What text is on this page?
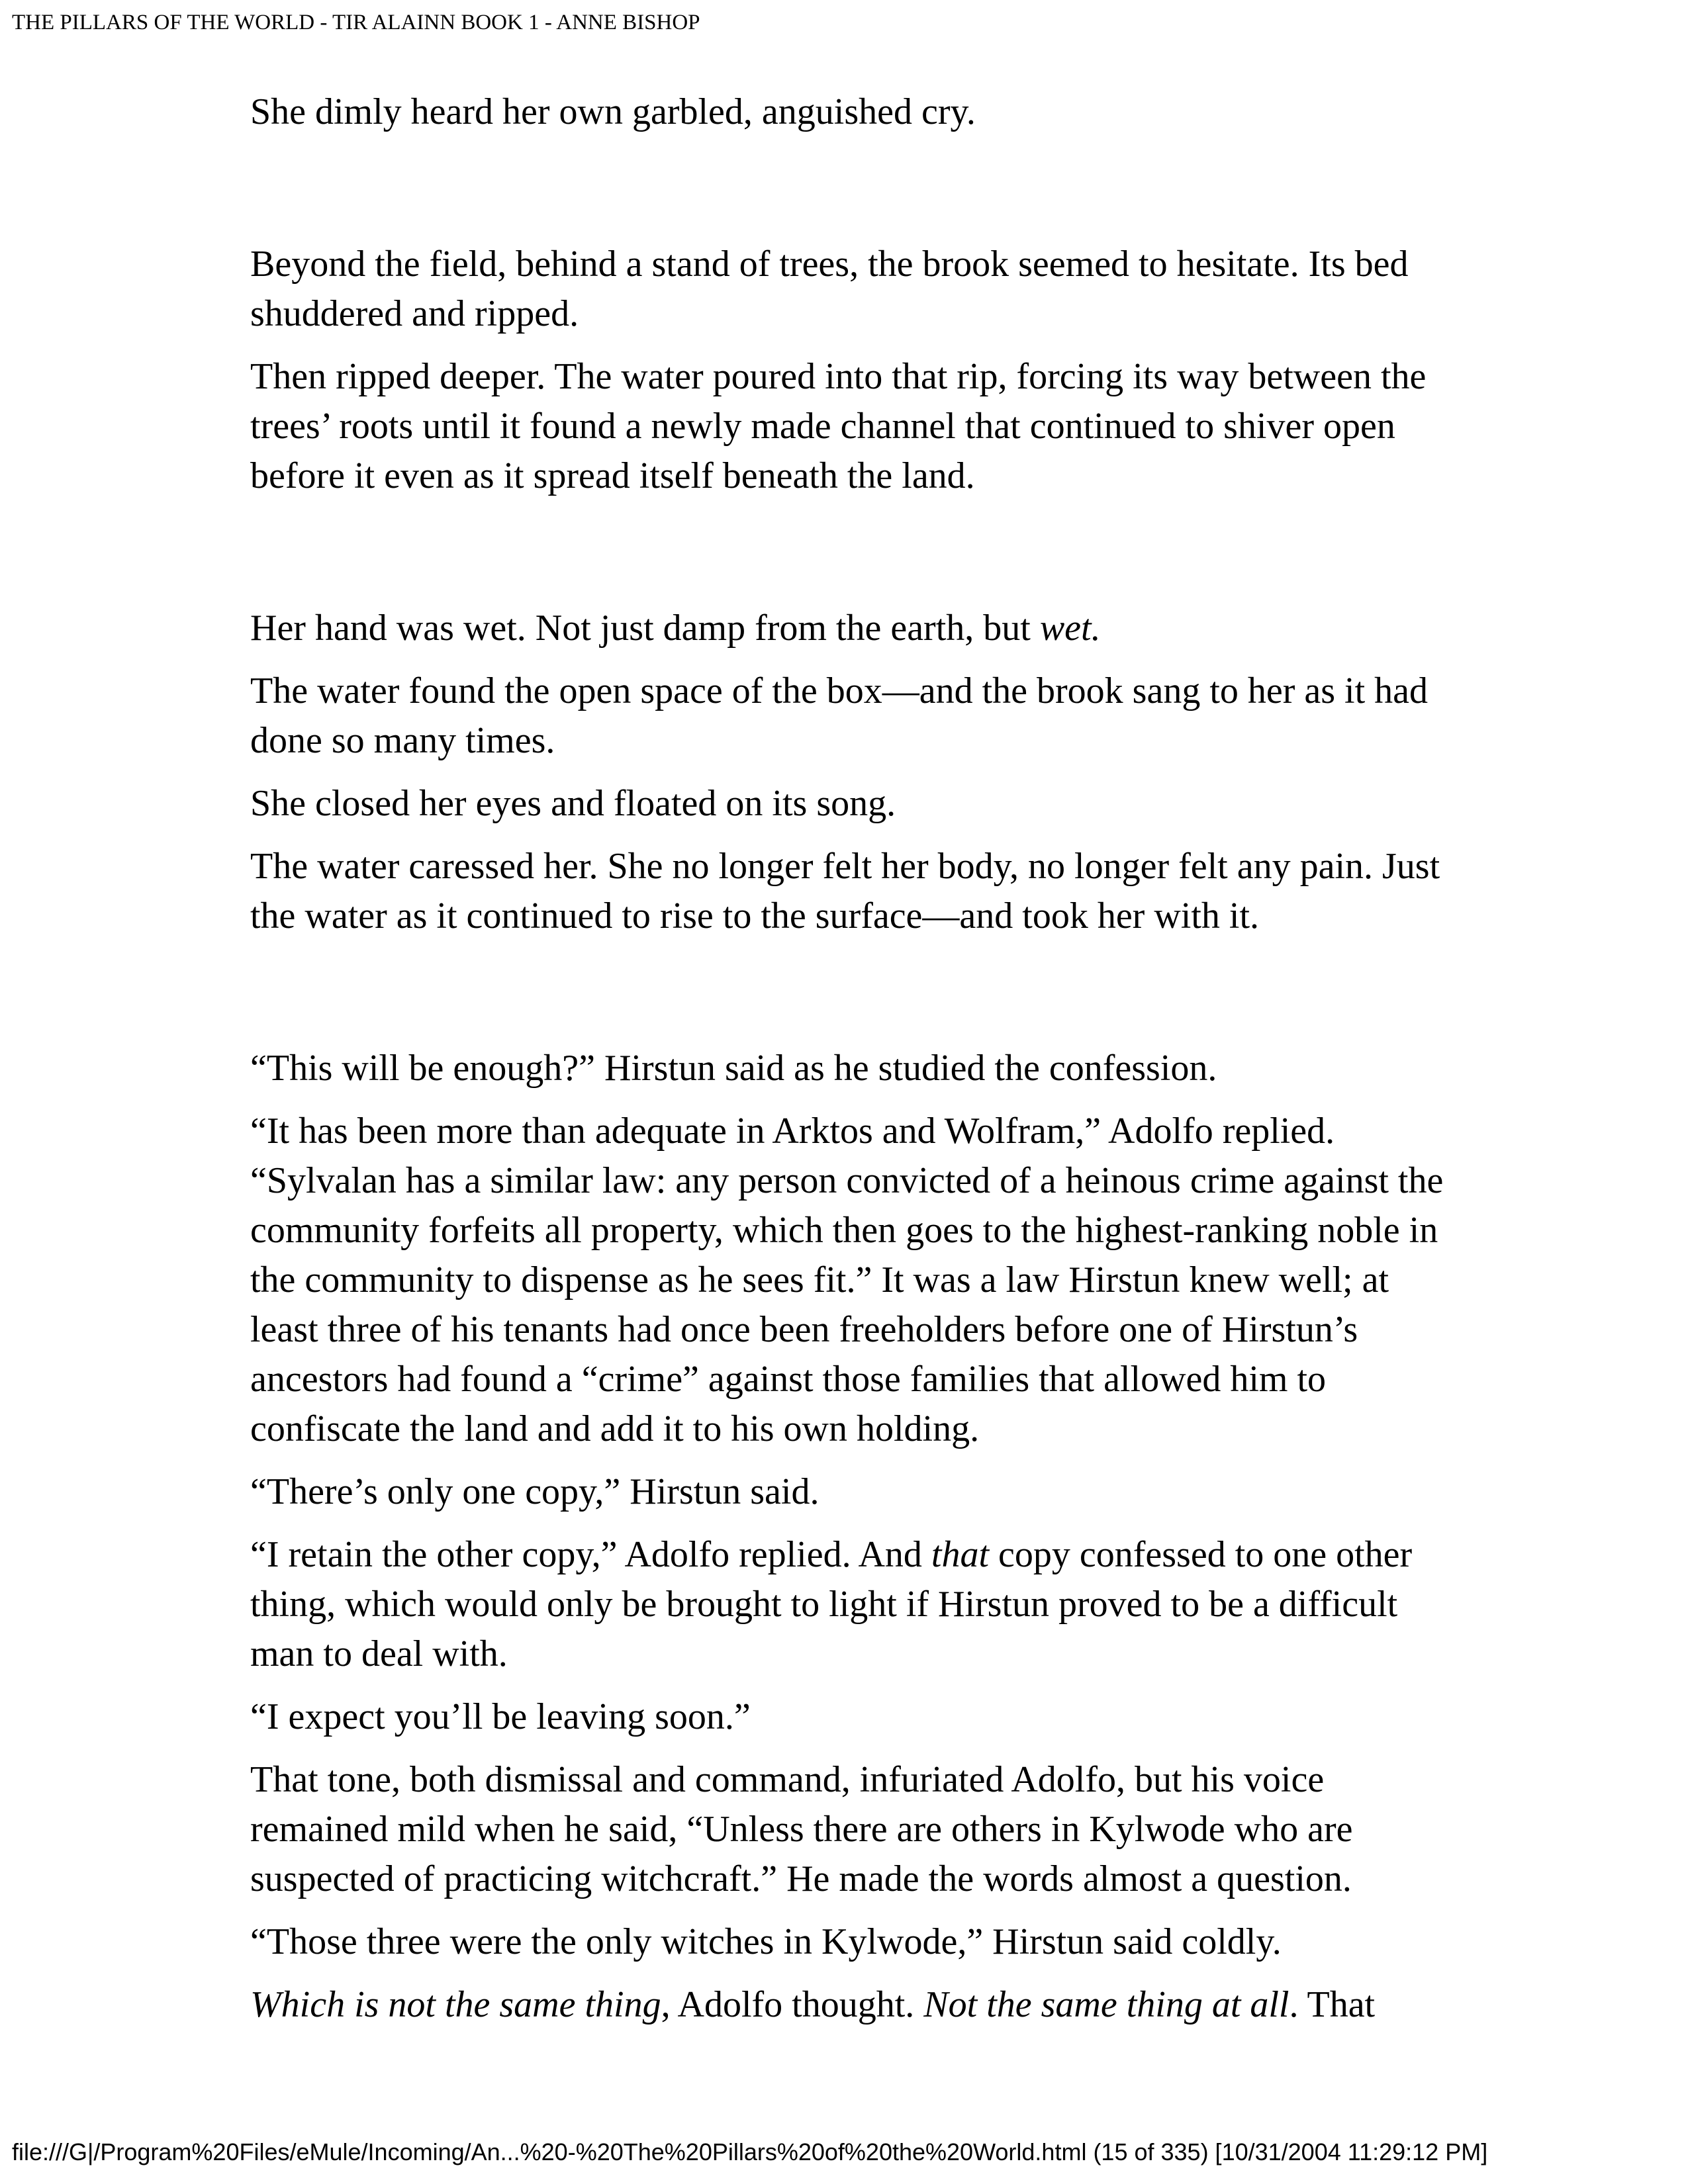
THE PILLARS OF THE WORLD - TIR ALAINN BOOK 1 - ANNE BISHOP

She dimly heard her own garbled, anguished cry.

Beyond the field, behind a stand of trees, the brook seemed to hesitate. Its bed shuddered and ripped.

Then ripped deeper. The water poured into that rip, forcing its way between the trees’ roots until it found a newly made channel that continued to shiver open before it even as it spread itself beneath the land.

Her hand was wet. Not just damp from the earth, but wet.

The water found the open space of the box—and the brook sang to her as it had done so many times.

She closed her eyes and floated on its song.

The water caressed her. She no longer felt her body, no longer felt any pain. Just the water as it continued to rise to the surface—and took her with it.

“This will be enough?” Hirstun said as he studied the confession.

“It has been more than adequate in Arktos and Wolfram,” Adolfo replied. “Sylvalan has a similar law: any person convicted of a heinous crime against the community forfeits all property, which then goes to the highest-ranking noble in the community to dispense as he sees fit.” It was a law Hirstun knew well; at least three of his tenants had once been freeholders before one of Hirstun’s ancestors had found a “crime” against those families that allowed him to confiscate the land and add it to his own holding.

“There’s only one copy,” Hirstun said.

“I retain the other copy,” Adolfo replied. And that copy confessed to one other thing, which would only be brought to light if Hirstun proved to be a difficult man to deal with.

“I expect you’ll be leaving soon.”

That tone, both dismissal and command, infuriated Adolfo, but his voice remained mild when he said, “Unless there are others in Kylwode who are suspected of practicing witchcraft.” He made the words almost a question.

“Those three were the only witches in Kylwode,” Hirstun said coldly.

Which is not the same thing, Adolfo thought. Not the same thing at all. That

file:///G|/Program%20Files/eMule/Incoming/An...%20-%20The%20Pillars%20of%20the%20World.html (15 of 335) [10/31/2004 11:29:12 PM]
